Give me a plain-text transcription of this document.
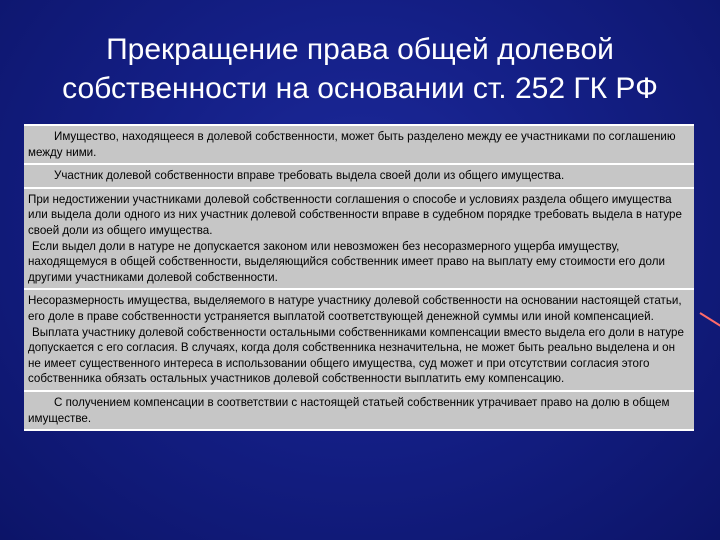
Прекращение права общей долевой
собственности на основании ст. 252 ГК РФ

Имущество, находящееся в долевой собственности, может быть разделено между ее участниками по соглашению между ними.

Участник долевой собственности вправе требовать выдела своей доли из общего имущества.

При недостижении участниками долевой собственности соглашения о способе и условиях раздела общего имущества или выдела доли одного из них участник долевой собственности вправе в судебном порядке требовать выдела в натуре своей доли из общего имущества.

Если выдел доли в натуре не допускается законом или невозможен без несоразмерного ущерба имуществу, находящемуся в общей собственности, выделяющийся собственник имеет право на выплату ему стоимости его доли другими участниками долевой собственности.

Несоразмерность имущества, выделяемого в натуре участнику долевой собственности на основании настоящей статьи, его доле в праве собственности устраняется выплатой соответствующей денежной суммы или иной компенсацией.

Выплата участнику долевой собственности остальными собственниками компенсации вместо выдела его доли в натуре допускается с его согласия. В случаях, когда доля собственника незначительна, не может быть реально выделена и он не имеет существенного интереса в использовании общего имущества, суд может и при отсутствии согласия этого собственника обязать остальных участников долевой собственности выплатить ему компенсацию.

С получением компенсации в соответствии с настоящей статьей собственник утрачивает право на долю в общем имуществе.
